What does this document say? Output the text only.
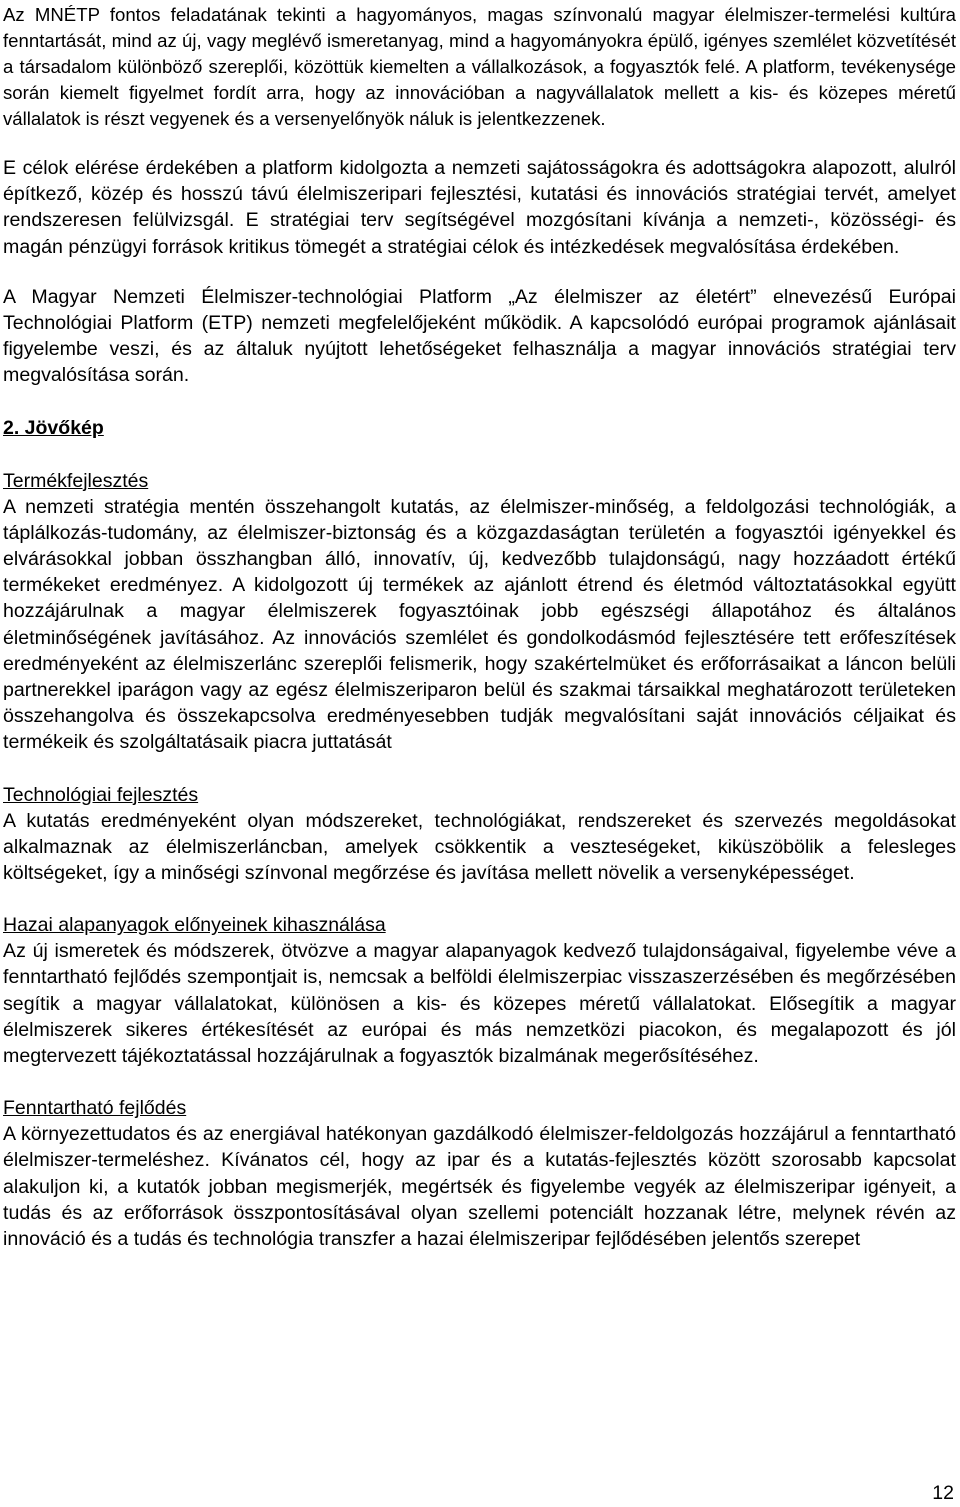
Az MNÉTP fontos feladatának tekinti a hagyományos, magas színvonalú magyar élelmiszer-termelési kultúra fenntartását, mind az új, vagy meglévő ismeretanyag, mind a hagyományokra épülő, igényes szemlélet közvetítését a társadalom különböző szereplői, közöttük kiemelten a vállalkozások, a fogyasztók felé. A platform, tevékenysége során kiemelt figyelmet fordít arra, hogy az innovációban a nagyvállalatok mellett a kis- és közepes méretű vállalatok is részt vegyenek és a versenyelőnyök náluk is jelentkezzenek.

E célok elérése érdekében a platform kidolgozta a nemzeti sajátosságokra és adottságokra alapozott, alulról építkező, közép és hosszú távú élelmiszeripari fejlesztési, kutatási és innovációs stratégiai tervét, amelyet rendszeresen felülvizsgál. E stratégiai terv segítségével mozgósítani kívánja a nemzeti-, közösségi- és magán pénzügyi források kritikus tömegét a stratégiai célok és intézkedések megvalósítása érdekében.

A Magyar Nemzeti Élelmiszer-technológiai Platform „Az élelmiszer az életért” elnevezésű Európai Technológiai Platform (ETP) nemzeti megfelelőjeként működik. A kapcsolódó európai programok ajánlásait figyelembe veszi, és az általuk nyújtott lehetőségeket felhasználja a magyar innovációs stratégiai terv megvalósítása során.

2. Jövőkép

Termékfejlesztés

A nemzeti stratégia mentén összehangolt kutatás, az élelmiszer-minőség, a feldolgozási technológiák, a táplálkozás-tudomány, az élelmiszer-biztonság és a közgazdaságtan területén a fogyasztói igényekkel és elvárásokkal jobban összhangban álló, innovatív, új, kedvezőbb tulajdonságú, nagy hozzáadott értékű termékeket eredményez. A kidolgozott új termékek az ajánlott étrend és életmód változtatásokkal együtt hozzájárulnak a magyar élelmiszerek fogyasztóinak jobb egészségi állapotához és általános életminőségének javításához. Az innovációs szemlélet és gondolkodásmód fejlesztésére tett erőfeszítések eredményeként az élelmiszerlánc szereplői felismerik, hogy szakértelmüket és erőforrásaikat a láncon belüli partnerekkel iparágon vagy az egész élelmiszeriparon belül és szakmai társaikkal meghatározott területeken összehangolva és összekapcsolva eredményesebben tudják megvalósítani saját innovációs céljaikat és termékeik és szolgáltatásaik piacra juttatását

Technológiai fejlesztés

A kutatás eredményeként olyan módszereket, technológiákat, rendszereket és szervezés megoldásokat alkalmaznak az élelmiszerláncban, amelyek csökkentik a veszteségeket, kiküszöbölik a felesleges költségeket, így a minőségi színvonal megőrzése és javítása mellett növelik a versenyképességet.

Hazai alapanyagok előnyeinek kihasználása

Az új ismeretek és módszerek, ötvözve a magyar alapanyagok kedvező tulajdonságaival, figyelembe véve a fenntartható fejlődés szempontjait is, nemcsak a belföldi élelmiszerpiac visszaszerzésében és megőrzésében segítik a magyar vállalatokat, különösen a kis- és közepes méretű vállalatokat. Elősegítik a magyar élelmiszerek sikeres értékesítését az európai és más nemzetközi piacokon, és megalapozott és jól megtervezett tájékoztatással hozzájárulnak a fogyasztók bizalmának megerősítéséhez.

Fenntartható fejlődés

A környezettudatos és az energiával hatékonyan gazdálkodó élelmiszer-feldolgozás hozzájárul a fenntartható élelmiszer-termeléshez. Kívánatos cél, hogy az ipar és a kutatás-fejlesztés között szorosabb kapcsolat alakuljon ki, a kutatók jobban megismerjék, megértsék és figyelembe vegyék az élelmiszeripar igényeit, a tudás és az erőforrások összpontosításával olyan szellemi potenciált hozzanak létre, melynek révén az innováció és a tudás és technológia transzfer a hazai élelmiszeripar fejlődésében jelentős szerepet

12
